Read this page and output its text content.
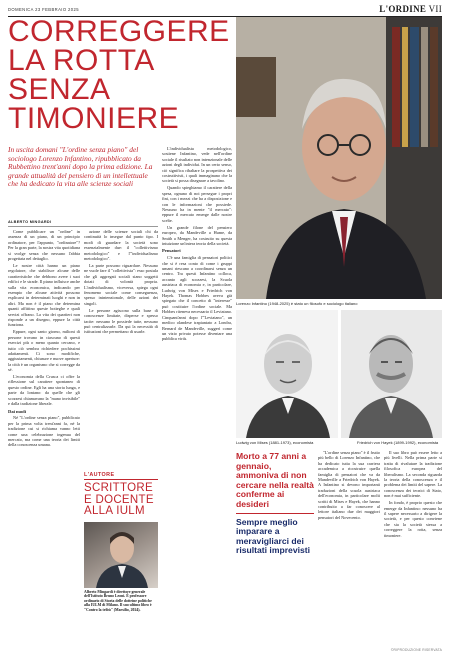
DOMENICA 23 FEBBRAIO 2025	L'ORDINE VII
CORREGGERE
LA ROTTA
SENZA
TIMONIERE
In uscita domani "L'ordine senza piano" del sociologo Lorenzo Infantino, ripubblicato da Rubbettino trent'anni dopo la prima edizione. La grande attualità del pensiero di un intellettuale che ha dedicato la vita alle scienze sociali
ALBERTO MINGARDI

Come pubblicare un "ordine" in assenza di un piano, di un principio ordinatore, per l'appunto, "ordinatore"? Per la gran parte, la nostra vita quotidiana si svolge senza che nessuno l'abbia progettata nel dettaglio.

Le nostre città hanno un piano regolatore, che stabilisce alcune delle caratteristiche che debbono avere i suoi edifici e le strade. Il piano influisce anche sulla vita economica, indicando per esempio che alcune attività possono esplicarsi in determinati luoghi e non in altri. Ma non è il piano che determina quanti affittino queste botteghe e quali servizi offrano. La vita dei quartieri non risponde a un disegno, eppure la città funziona.

Eppure, ogni santo giorno, milioni di persone trovano in ciascuno di questi esercizi più o meno quanto cercano, e tutto ciò sembra richiedere pochissimi adattamenti. Ci sono modifiche, aggiustamenti, chiusure e nuove aperture: la città è un organismo che si corregge da sé.

L'economia della Crusca ci offre la riflessione sul carattere spontaneo di questo ordine. Egli ha una storia lunga, e parte da lontano: da quelle che gli scozzesi chiamavano la "mano invisibile" e dalla tradizione liberale.

Dai modi

Né "L'ordine senza piano", pubblicato per la prima volta trent'anni fa, né la tradizione cui si richiama vanno letti come una celebrazione ingenua del mercato, ma come una teoria dei limiti della conoscenza umana.

azione delle scienze sociali chi da continuità lo insegue dal punto tipo. I modi di guardare la società sono essenzialmente due: il "collettivismo metodologico" e l'"individualismo metodologico".

La parte possono riguardare. Nessuno ne vuole fare il "collettivista": esso postula che gli aggregati sociali siano soggetti dotati di volontà propria. L'individualismo, viceversa, spiega ogni fenomeno sociale come conseguenza, spesso inintenzionale, delle azioni dei singoli.

Le persone agiscono sulla base di conoscenze limitate, disperse e spesso tacite: nessuno le possiede tutte, nessuno può centralizzarle. Da qui la necessità di istituzioni che permettano di usarle.

L'AUTORE
SCRITTORE
E DOCENTE
ALLA IULM
Alberto Mingardi è direttore generale dell'Istituto Bruno Leoni. È professore ordinario di Storia delle dottrine politiche alla IULM di Milano. Il suo ultimo libro è "Contro la tribù" (Marsilio, 2024).

L'individualista metodologico, sostiene Infantino, vede nell'ordine sociale il risultato non intenzionale delle azioni degli individui. In un certo senso, ciò significa ribaltare la prospettiva dei costruttivisti, i quali immaginano che la società si possa disegnare a tavolino.

Quando spieghiamo il carattere della spesa, ognuno di noi persegue i propri fini, con i mezzi che ha a disposizione e con le informazioni che possiede. Nessuno ha in mente "il mercato": eppure il mercato emerge dalle nostre scelte.

Un grande filone del pensiero europeo, da Mandeville a Hume, da Smith a Menger, ha costruito su questa intuizione un'intera teoria della società.

Pensatori

C'è una famiglia di pensatori politici che si è resa conto di come i gruppi umani riescano a coordinarsi senza un centro. Tra questi Infantino colloca, accanto agli scozzesi, la Scuola austriaca di economia e, in particolare, Ludwig von Mises e Friedrich von Hayek. Thomas Hobbes aveva già spiegato che il concetto di "interesse" può costituire l'ordine sociale. Ma Hobbes riteneva necessario il Leviatano. Cinquant'anni dopo l'"Leviatano", un medico olandese trapiantato a Londra, Bernard de Mandeville, suggerì come un vizio privato potesse diventare una pubblica virtù.

Lorenzo Infantino (1948-2025) è stato un filosofo e sociologo italiano
Ludwig von Mises (1881-1973), economista	Friedrich von Hayek (1899-1992), economista
Morto a 77 anni a gennaio, ammoniva di non cercare nella realtà conferme ai desideri
Sempre meglio imparare a meravigliarci dei risultati imprevisti

"L'ordine senza piano" è il frutto più bello di Lorenzo Infantino, che ha dedicato tutta la sua carriera accademica a ricostruire quella famiglia di pensatori che va da Mandeville a Friedrich von Hayek. A Infantino si devono importanti traduzioni della scuola austriaca dell'economia, in particolare molti scritti di Mises e Hayek, che hanno contribuito a far conoscere al lettore italiano due dei maggiori pensatori del Novecento.

Il suo libro può essere letto a più livelli. Nella prima parte si tratta di rivalutare la tradizione filosofica europea del liberalismo. La seconda riguarda la teoria della conoscenza e il problema dei limiti del sapere. La conoscenza dei tecnici di Stato, non è mai sufficiente.

In fondo, è proprio questo che emerge da Infantino: nessuno ha il sapere necessario a dirigere la società, e per questo conviene che sia la società stessa a correggere la rotta, senza timoniere.

©RIPRODUZIONE RISERVATA
